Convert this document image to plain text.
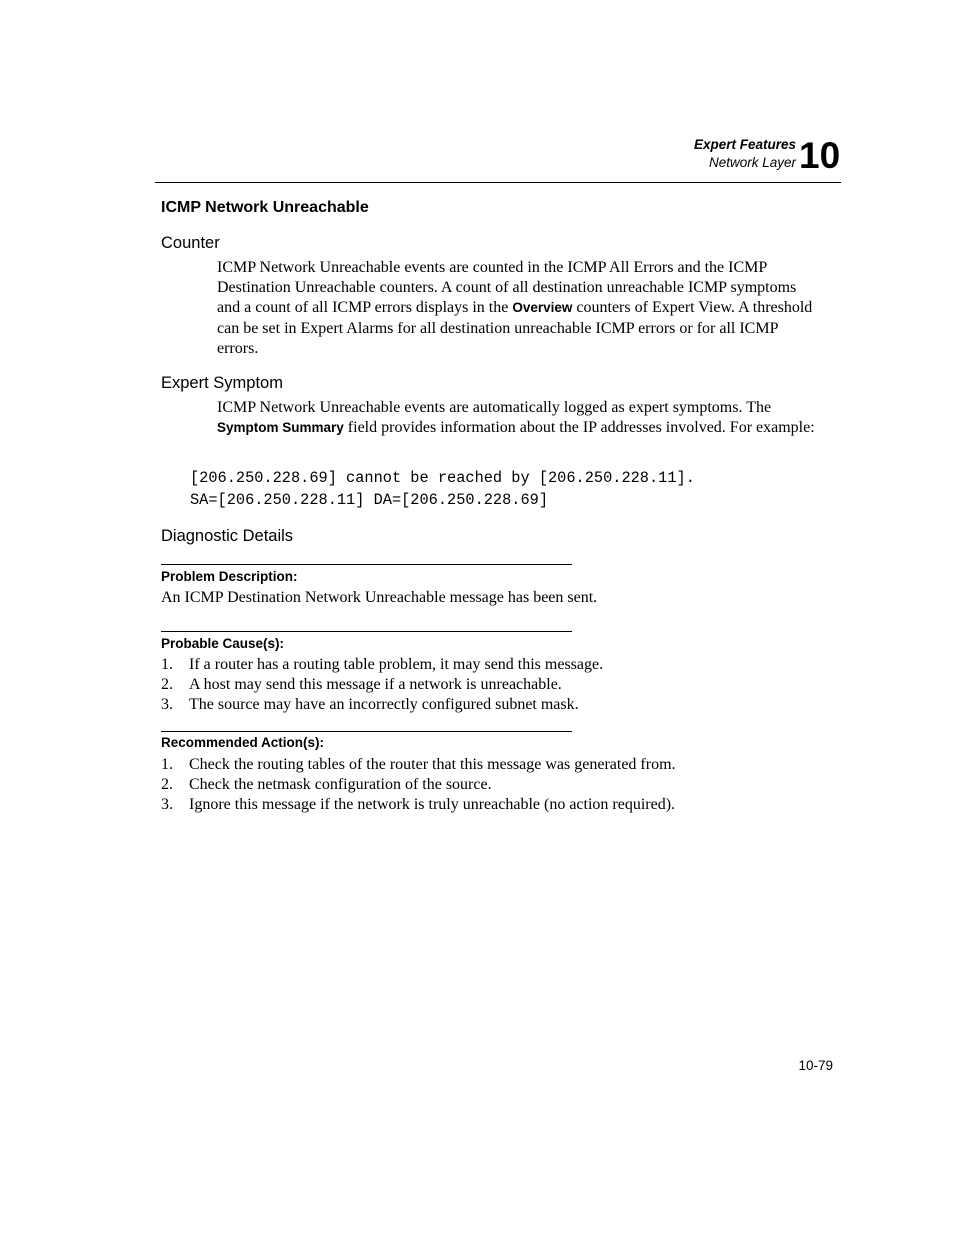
Expert Features
Network Layer 10
ICMP Network Unreachable
Counter
ICMP Network Unreachable events are counted in the ICMP All Errors and the ICMP Destination Unreachable counters. A count of all destination unreachable ICMP symptoms and a count of all ICMP errors displays in the Overview counters of Expert View. A threshold can be set in Expert Alarms for all destination unreachable ICMP errors or for all ICMP errors.
Expert Symptom
ICMP Network Unreachable events are automatically logged as expert symptoms. The Symptom Summary field provides information about the IP addresses involved. For example:
[206.250.228.69] cannot be reached by [206.250.228.11].
SA=[206.250.228.11] DA=[206.250.228.69]
Diagnostic Details
Problem Description:
An ICMP Destination Network Unreachable message has been sent.
Probable Cause(s):
1. If a router has a routing table problem, it may send this message.
2. A host may send this message if a network is unreachable.
3. The source may have an incorrectly configured subnet mask.
Recommended Action(s):
1. Check the routing tables of the router that this message was generated from.
2. Check the netmask configuration of the source.
3. Ignore this message if the network is truly unreachable (no action required).
10-79
